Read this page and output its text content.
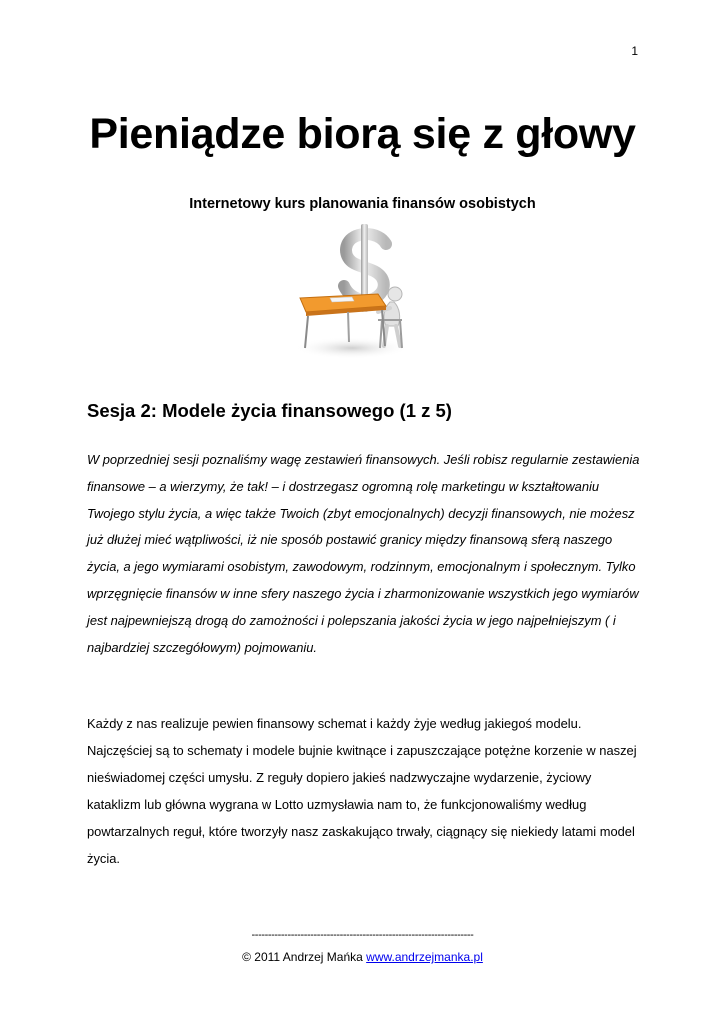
1
Pieniądze biorą się z głowy
Internetowy kurs planowania finansów osobistych
Sesja 2: Modele życia finansowego (1 z 5)

W poprzedniej sesji poznaliśmy wagę zestawień finansowych. Jeśli robisz regularnie zestawienia finansowe – a wierzymy, że tak! – i dostrzegasz ogromną rolę marketingu w kształtowaniu Twojego stylu życia, a więc także Twoich (zbyt emocjonalnych) decyzji finansowych, nie możesz już dłużej mieć wątpliwości, iż nie sposób postawić granicy między finansową sferą naszego życia, a jego wymiarami osobistym, zawodowym, rodzinnym, emocjonalnym i społecznym. Tylko wprzęgnięcie finansów w inne sfery naszego życia i zharmonizowanie wszystkich jego wymiarów jest najpewniejszą drogą do zamożności i polepszania jakości życia w jego najpełniejszym ( i najbardziej szczegółowym) pojmowaniu.

Każdy z nas realizuje pewien finansowy schemat i każdy żyje według jakiegoś modelu. Najczęściej są to schematy i modele bujnie kwitnące i zapuszczające potężne korzenie w naszej nieświadomej części umysłu. Z reguły dopiero jakieś nadzwyczajne wydarzenie, życiowy kataklizm lub główna wygrana w Lotto uzmysławia nam to, że funkcjonowaliśmy według powtarzalnych reguł, które tworzyły nasz zaskakująco trwały, ciągnący się niekiedy latami model życia.

--------------------------------------------------------------------
© 2011 Andrzej Mańka www.andrzejmanka.pl
